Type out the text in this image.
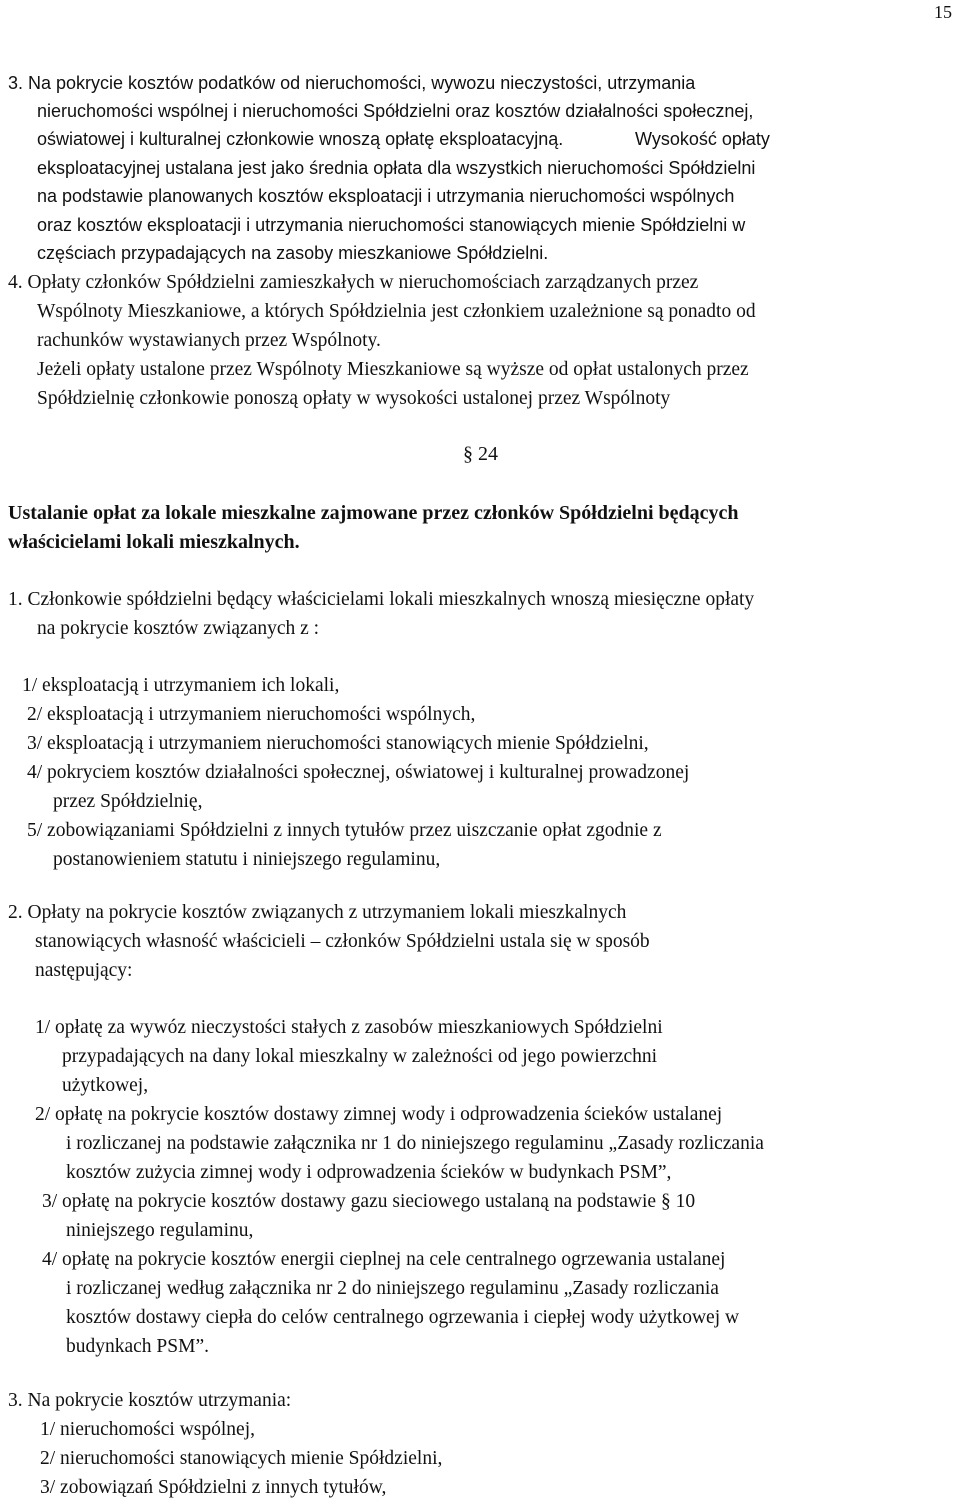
15
3. Na pokrycie kosztów podatków od nieruchomości, wywozu nieczystości, utrzymania
nieruchomości wspólnej i nieruchomości Spółdzielni oraz kosztów działalności społecznej,
oświatowej i kulturalnej członkowie wnoszą opłatę eksploatacyjną.	Wysokość opłaty
eksploatacyjnej ustalana jest jako średnia opłata dla wszystkich nieruchomości Spółdzielni
na podstawie planowanych kosztów eksploatacji i utrzymania nieruchomości wspólnych
oraz kosztów eksploatacji i utrzymania nieruchomości stanowiących mienie Spółdzielni w
częściach przypadających na zasoby mieszkaniowe Spółdzielni.
4. Opłaty członków Spółdzielni zamieszkałych w nieruchomościach zarządzanych przez
Wspólnoty Mieszkaniowe, a których Spółdzielnia jest członkiem uzależnione są ponadto od
rachunków wystawianych przez Wspólnoty.
Jeżeli opłaty ustalone przez Wspólnoty Mieszkaniowe są wyższe od opłat ustalonych przez
Spółdzielnię członkowie ponoszą opłaty w wysokości ustalonej przez Wspólnoty
§ 24
Ustalanie opłat za lokale mieszkalne zajmowane przez członków Spółdzielni będących
właścicielami lokali mieszkalnych.
1. Członkowie spółdzielni będący właścicielami lokali mieszkalnych wnoszą miesięczne opłaty
na pokrycie kosztów związanych z :
1/ eksploatacją i utrzymaniem ich lokali,
2/ eksploatacją i utrzymaniem nieruchomości wspólnych,
3/ eksploatacją i utrzymaniem nieruchomości stanowiących mienie Spółdzielni,
4/ pokryciem kosztów działalności społecznej, oświatowej i kulturalnej prowadzonej
przez Spółdzielnię,
5/ zobowiązaniami Spółdzielni z innych tytułów przez uiszczanie opłat zgodnie z
postanowieniem statutu i niniejszego regulaminu,
2. Opłaty na pokrycie kosztów związanych z utrzymaniem lokali mieszkalnych
stanowiących własność właścicieli – członków Spółdzielni ustala się w sposób
następujący:
1/ opłatę za wywóz nieczystości stałych z zasobów mieszkaniowych Spółdzielni
przypadających na dany lokal mieszkalny w zależności od jego powierzchni
użytkowej,
2/ opłatę na pokrycie kosztów dostawy zimnej wody i odprowadzenia ścieków ustalanej
i rozliczanej na podstawie załącznika nr 1 do niniejszego regulaminu „Zasady rozliczania
kosztów zużycia zimnej wody i odprowadzenia ścieków w budynkach PSM”,
3/ opłatę na pokrycie kosztów dostawy gazu sieciowego ustalaną na podstawie § 10
niniejszego regulaminu,
4/ opłatę na pokrycie kosztów energii cieplnej na cele centralnego ogrzewania ustalanej
i rozliczanej według załącznika nr 2 do niniejszego regulaminu „Zasady rozliczania
kosztów dostawy ciepła do celów centralnego ogrzewania i ciepłej wody użytkowej w
budynkach PSM”.
3. Na pokrycie kosztów utrzymania:
1/ nieruchomości wspólnej,
2/ nieruchomości stanowiących mienie Spółdzielni,
3/ zobowiązań Spółdzielni z innych tytułów,
